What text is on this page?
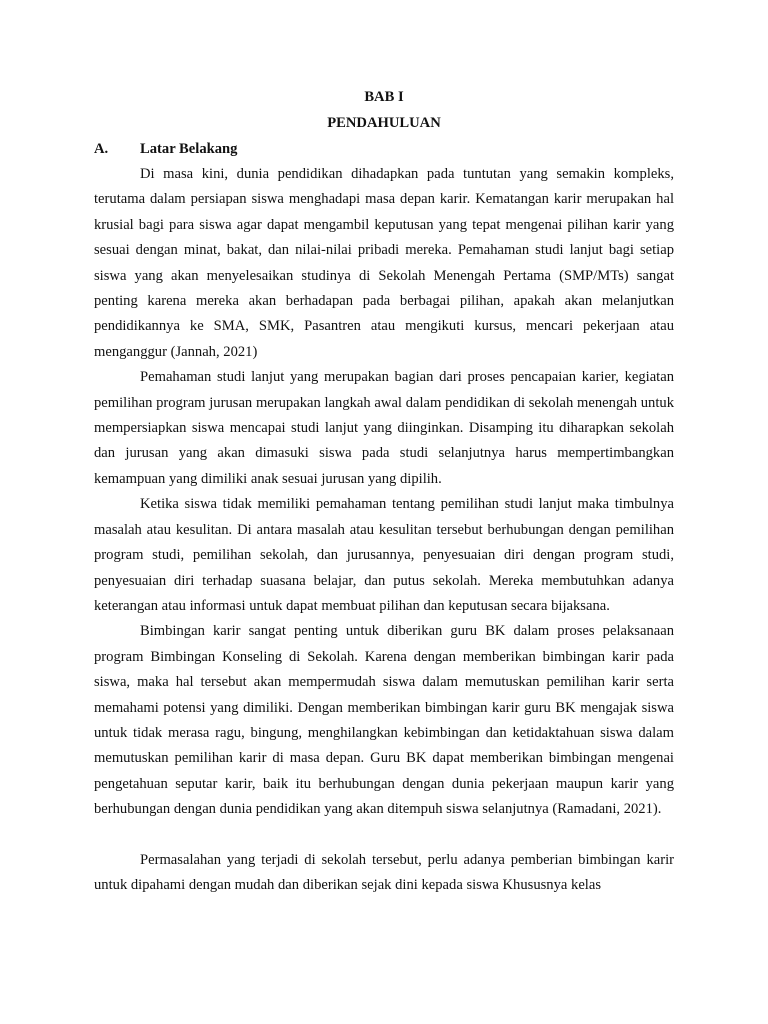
BAB I
PENDAHULUAN
A. Latar Belakang

Di masa kini, dunia pendidikan dihadapkan pada tuntutan yang semakin kompleks, terutama dalam persiapan siswa menghadapi masa depan karir. Kematangan karir merupakan hal krusial bagi para siswa agar dapat mengambil keputusan yang tepat mengenai pilihan karir yang sesuai dengan minat, bakat, dan nilai-nilai pribadi mereka. Pemahaman studi lanjut bagi setiap siswa yang akan menyelesaikan studinya di Sekolah Menengah Pertama (SMP/MTs) sangat penting karena mereka akan berhadapan pada berbagai pilihan, apakah akan melanjutkan pendidikannya ke SMA, SMK, Pasantren atau mengikuti kursus, mencari pekerjaan atau menganggur (Jannah, 2021)

Pemahaman studi lanjut yang merupakan bagian dari proses pencapaian karier, kegiatan pemilihan program jurusan merupakan langkah awal dalam pendidikan di sekolah menengah untuk mempersiapkan siswa mencapai studi lanjut yang diinginkan. Disamping itu diharapkan sekolah dan jurusan yang akan dimasuki siswa pada studi selanjutnya harus mempertimbangkan kemampuan yang dimiliki anak sesuai jurusan yang dipilih.

Ketika siswa tidak memiliki pemahaman tentang pemilihan studi lanjut maka timbulnya masalah atau kesulitan. Di antara masalah atau kesulitan tersebut berhubungan dengan pemilihan program studi, pemilihan sekolah, dan jurusannya, penyesuaian diri dengan program studi, penyesuaian diri terhadap suasana belajar, dan putus sekolah. Mereka membutuhkan adanya keterangan atau informasi untuk dapat membuat pilihan dan keputusan secara bijaksana.

Bimbingan karir sangat penting untuk diberikan guru BK dalam proses pelaksanaan program Bimbingan Konseling di Sekolah. Karena dengan memberikan bimbingan karir pada siswa, maka hal tersebut akan mempermudah siswa dalam memutuskan pemilihan karir serta memahami potensi yang dimiliki. Dengan memberikan bimbingan karir guru BK mengajak siswa untuk tidak merasa ragu, bingung, menghilangkan kebimbingan dan ketidaktahuan siswa dalam memutuskan pemilihan karir di masa depan. Guru BK dapat memberikan bimbingan mengenai pengetahuan seputar karir, baik itu berhubungan dengan dunia pekerjaan maupun karir yang berhubungan dengan dunia pendidikan yang akan ditempuh siswa selanjutnya (Ramadani, 2021).

Permasalahan yang terjadi di sekolah tersebut, perlu adanya pemberian bimbingan karir untuk dipahami dengan mudah dan diberikan sejak dini kepada siswa Khususnya kelas
